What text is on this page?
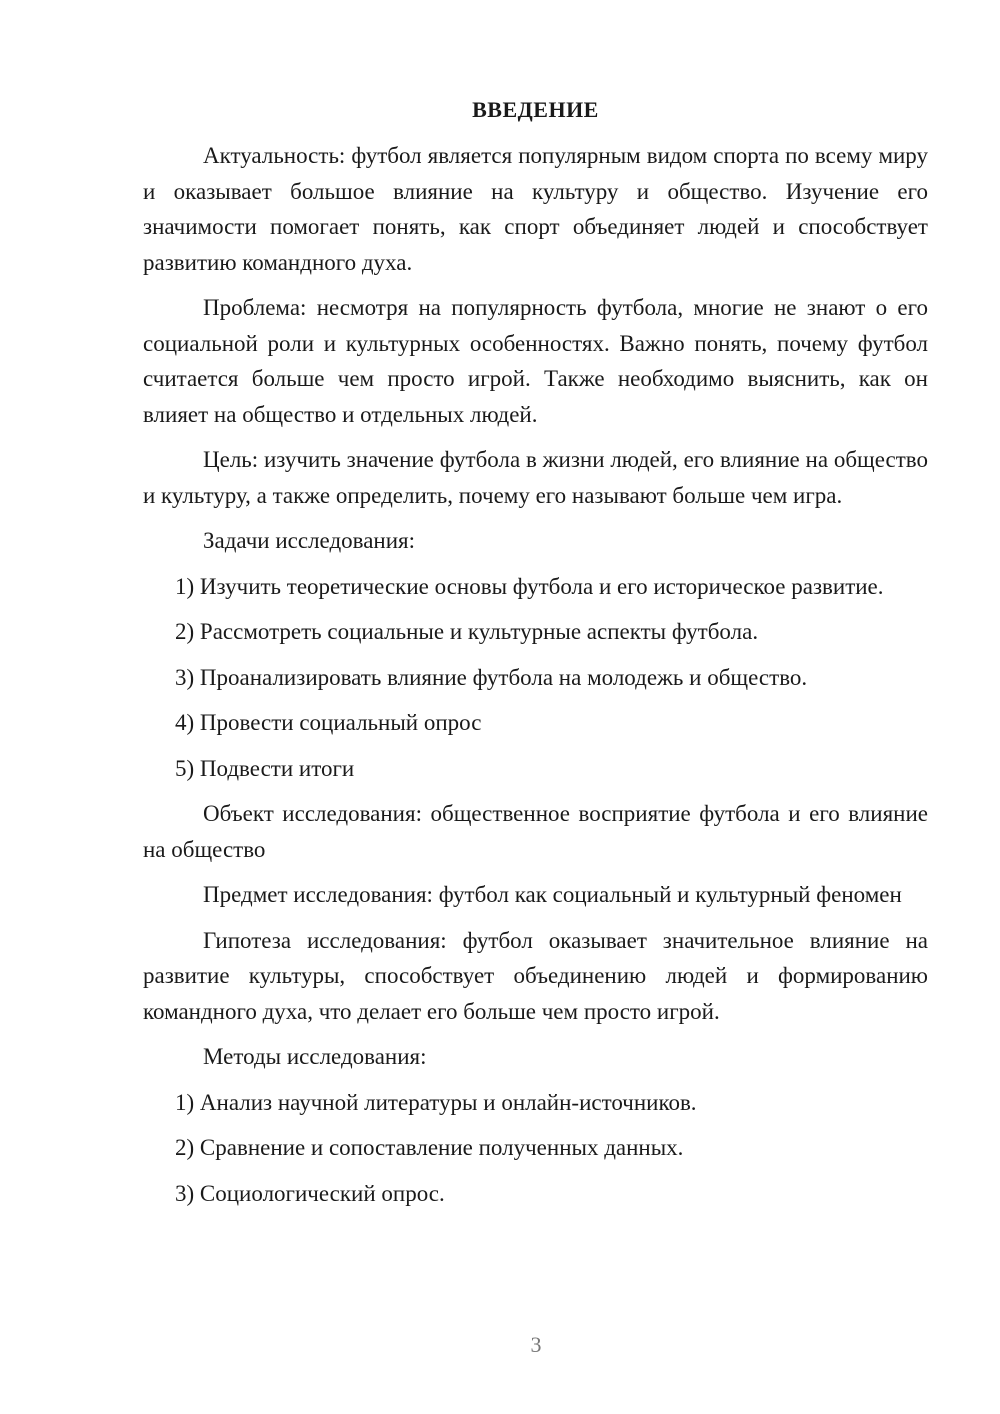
ВВЕДЕНИЕ

Актуальность: футбол является популярным видом спорта по всему миру и оказывает большое влияние на культуру и общество. Изучение его значимости помогает понять, как спорт объединяет людей и способствует развитию командного духа.

Проблема: несмотря на популярность футбола, многие не знают о его социальной роли и культурных особенностях. Важно понять, почему футбол считается больше чем просто игрой. Также необходимо выяснить, как он влияет на общество и отдельных людей.

Цель: изучить значение футбола в жизни людей, его влияние на общество и культуру, а также определить, почему его называют больше чем игра.

Задачи исследования:

1) Изучить теоретические основы футбола и его историческое развитие.

2) Рассмотреть социальные и культурные аспекты футбола.

3) Проанализировать влияние футбола на молодежь и общество.

4) Провести социальный опрос

5) Подвести итоги

Объект исследования: общественное восприятие футбола и его влияние на общество

Предмет исследования: футбол как социальный и культурный феномен

Гипотеза исследования: футбол оказывает значительное влияние на развитие культуры, способствует объединению людей и формированию командного духа, что делает его больше чем просто игрой.

Методы исследования:

1) Анализ научной литературы и онлайн-источников.

2) Сравнение и сопоставление полученных данных.

3) Социологический опрос.

3
